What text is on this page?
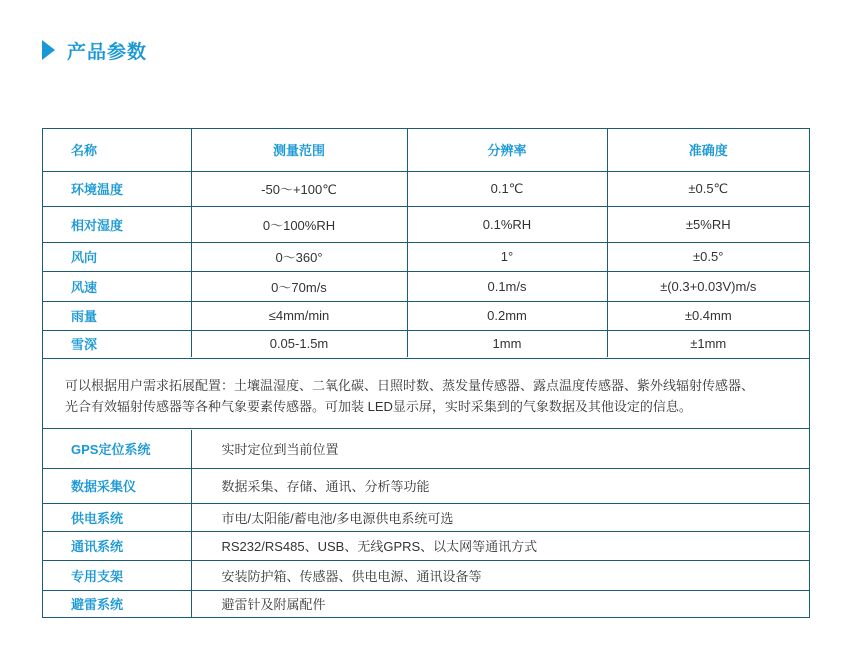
产品参数
名称	测量范围	分辨率	准确度
环境温度	-50～+100℃	0.1℃	±0.5℃
相对湿度	0～100%RH	0.1%RH	±5%RH
风向	0～360°	1°	±0.5°
风速	0～70m/s	0.1m/s	±(0.3+0.03V)m/s
雨量	≤4mm/min	0.2mm	±0.4mm
雪深	0.05-1.5m	1mm	±1mm

可以根据用户需求拓展配置：土壤温湿度、二氧化碳、日照时数、蒸发量传感器、露点温度传感器、紫外线辐射传感器、

光合有效辐射传感器等各种气象要素传感器。可加装 LED显示屏，实时采集到的气象数据及其他设定的信息。

GPS定位系统	实时定位到当前位置
数据采集仪	数据采集、存储、通讯、分析等功能
供电系统	市电/太阳能/蓄电池/多电源供电系统可选
通讯系统	RS232/RS485、USB、无线GPRS、以太网等通讯方式
专用支架	安装防护箱、传感器、供电电源、通讯设备等
避雷系统	避雷针及附属配件
